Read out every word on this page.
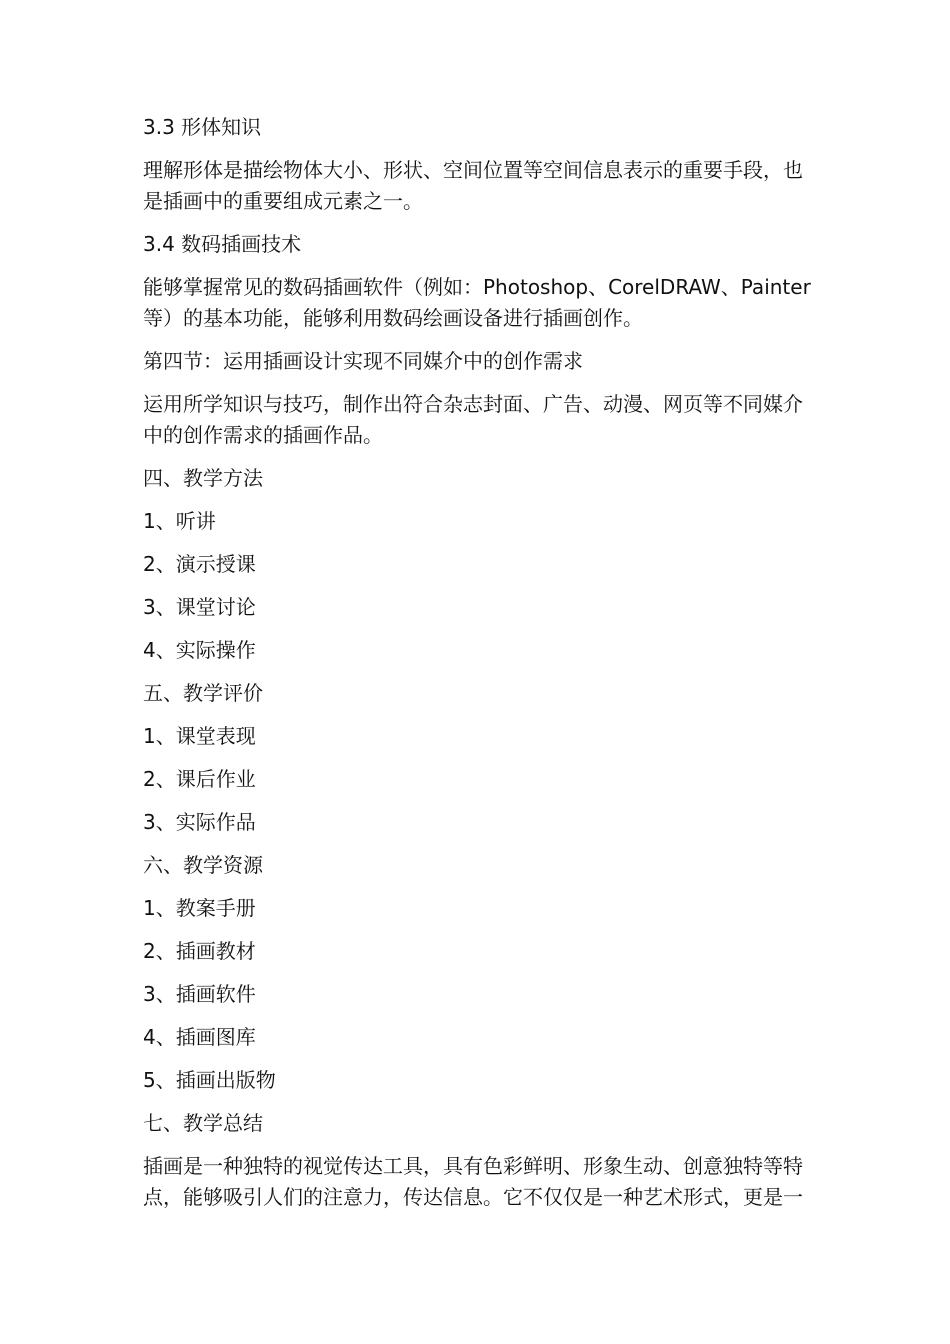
3.3 形体知识
理解形体是描绘物体大小、形状、空间位置等空间信息表示的重要手段，也
是插画中的重要组成元素之一。
3.4 数码插画技术
能够掌握常见的数码插画软件（例如：Photoshop、CorelDRAW、Painter
等）的基本功能，能够利用数码绘画设备进行插画创作。
第四节：运用插画设计实现不同媒介中的创作需求
运用所学知识与技巧，制作出符合杂志封面、广告、动漫、网页等不同媒介
中的创作需求的插画作品。
四、教学方法
1、听讲
2、演示授课
3、课堂讨论
4、实际操作
五、教学评价
1、课堂表现
2、课后作业
3、实际作品
六、教学资源
1、教案手册
2、插画教材
3、插画软件
4、插画图库
5、插画出版物
七、教学总结
插画是一种独特的视觉传达工具，具有色彩鲜明、形象生动、创意独特等特
点，能够吸引人们的注意力，传达信息。它不仅仅是一种艺术形式，更是一
